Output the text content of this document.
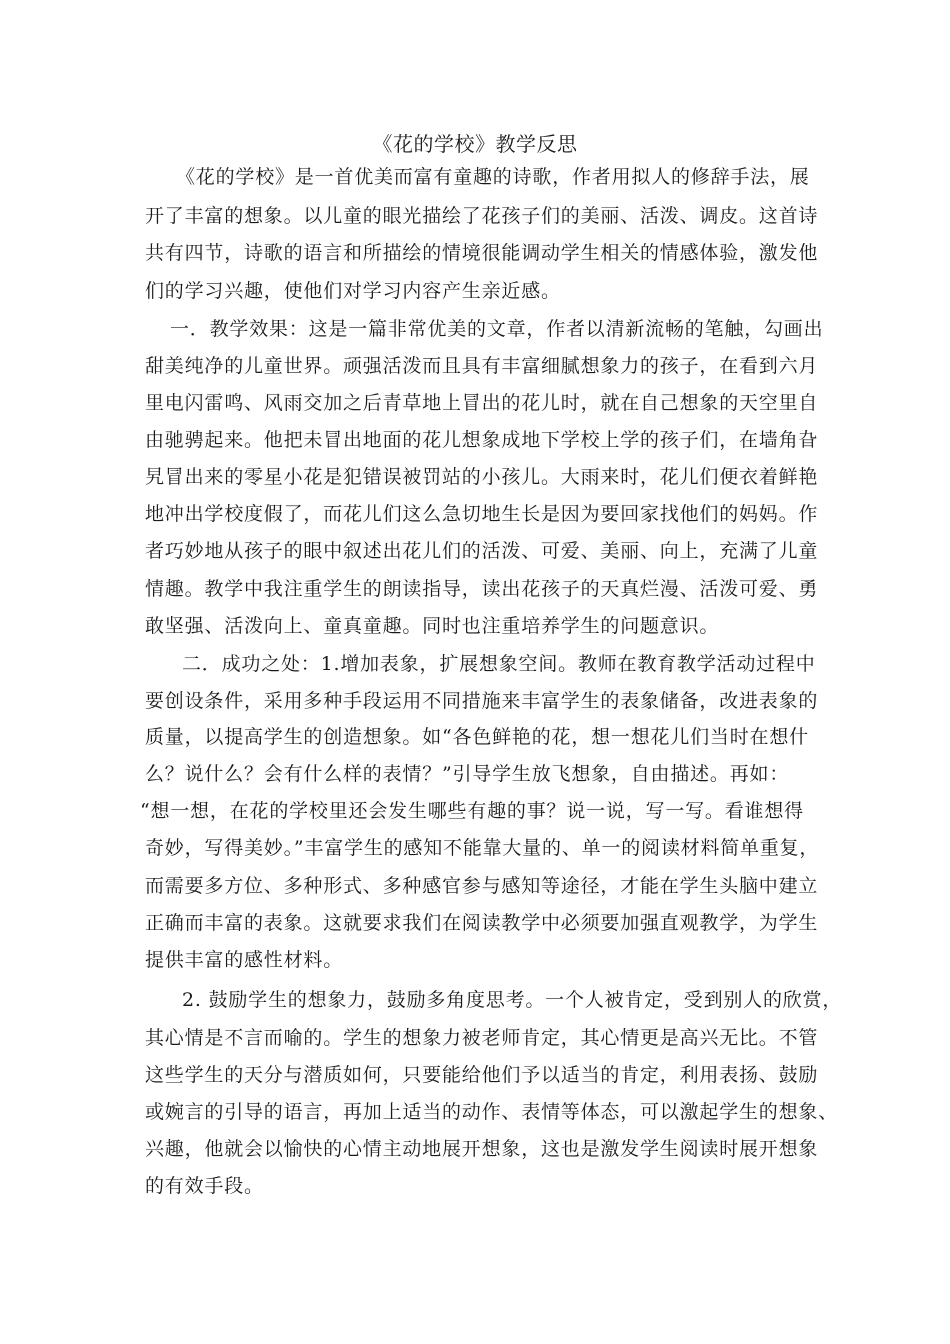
《花的学校》教学反思
《花的学校》是一首优美而富有童趣的诗歌，作者用拟人的修辞手法，展
开了丰富的想象。以儿童的眼光描绘了花孩子们的美丽、活泼、调皮。这首诗
共有四节，诗歌的语言和所描绘的情境很能调动学生相关的情感体验，激发他
们的学习兴趣，使他们对学习内容产生亲近感。
一．教学效果：这是一篇非常优美的文章，作者以清新流畅的笔触，勾画出
甜美纯净的儿童世界。顽强活泼而且具有丰富细腻想象力的孩子，在看到六月
里电闪雷鸣、风雨交加之后青草地上冒出的花儿时，就在自己想象的天空里自
由驰骋起来。他把未冒出地面的花儿想象成地下学校上学的孩子们，在墙角旮
旯冒出来的零星小花是犯错误被罚站的小孩儿。大雨来时，花儿们便衣着鲜艳
地冲出学校度假了，而花儿们这么急切地生长是因为要回家找他们的妈妈。作
者巧妙地从孩子的眼中叙述出花儿们的活泼、可爱、美丽、向上，充满了儿童
情趣。教学中我注重学生的朗读指导，读出花孩子的天真烂漫、活泼可爱、勇
敢坚强、活泼向上、童真童趣。同时也注重培养学生的问题意识。
二．成功之处：1.增加表象，扩展想象空间。教师在教育教学活动过程中
要创设条件，采用多种手段运用不同措施来丰富学生的表象储备，改进表象的
质量，以提高学生的创造想象。如“各色鲜艳的花，想一想花儿们当时在想什
么？说什么？会有什么样的表情？”引导学生放飞想象，自由描述。再如：
“想一想，在花的学校里还会发生哪些有趣的事？说一说，写一写。看谁想得
奇妙，写得美妙。”丰富学生的感知不能靠大量的、单一的阅读材料简单重复，
而需要多方位、多种形式、多种感官参与感知等途径，才能在学生头脑中建立
正确而丰富的表象。这就要求我们在阅读教学中必须要加强直观教学，为学生
提供丰富的感性材料。
2. 鼓励学生的想象力，鼓励多角度思考。一个人被肯定，受到别人的欣赏，
其心情是不言而喻的。学生的想象力被老师肯定，其心情更是高兴无比。不管
这些学生的天分与潜质如何，只要能给他们予以适当的肯定，利用表扬、鼓励
或婉言的引导的语言，再加上适当的动作、表情等体态，可以激起学生的想象、
兴趣，他就会以愉快的心情主动地展开想象，这也是激发学生阅读时展开想象
的有效手段。
